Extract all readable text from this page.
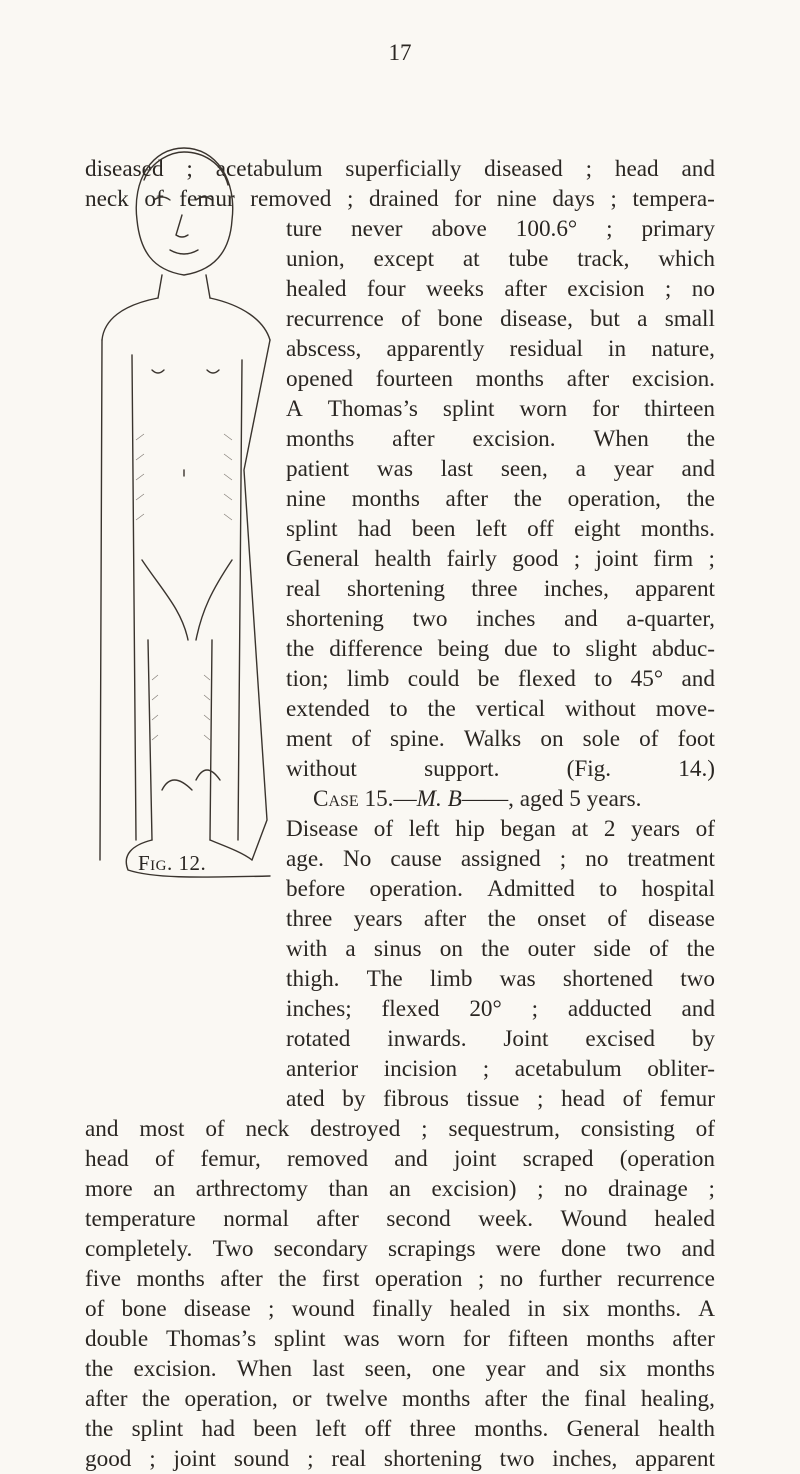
17

diseased ; acetabulum superficially diseased ; head and

neck of femur removed ; drained for nine days ; tempera-

ture never above 100.6° ; primary

union, except at tube track, which

healed four weeks after excision ; no

recurrence of bone disease, but a small

abscess, apparently residual in nature,

opened fourteen months after excision.

A Thomas’s splint worn for thirteen

months after excision. When the

patient was last seen, a year and

nine months after the operation, the

splint had been left off eight months.

General health fairly good ; joint firm ;

real shortening three inches, apparent

shortening two inches and a-quarter,

the difference being due to slight abduc-

tion; limb could be flexed to 45° and

extended to the vertical without move-

ment of spine. Walks on sole of foot

without	support.	(Fig.	14.)

Case 15.— M. B —— , aged 5 years.

Disease of left hip began at 2 years of

age. No cause assigned ; no treatment

before operation. Admitted to hospital

three years after the onset of disease

with a sinus on the outer side of the

thigh. The limb was shortened two

inches; flexed 20° ; adducted and

rotated inwards. Joint excised by

anterior incision ; acetabulum obliter-

ated by fibrous tissue ; head of femur

and most of neck destroyed ; sequestrum, consisting of

head of femur, removed and joint scraped (operation

more an arthrectomy than an excision) ; no drainage ;

temperature normal after second week. Wound healed

completely. Two secondary scrapings were done two and

five months after the first operation ; no further recurrence

of bone disease ; wound finally healed in six months. A

double Thomas’s splint was worn for fifteen months after

the excision. When last seen, one year and six months

after the operation, or twelve months after the final healing,

the splint had been left off three months. General health

good ; joint sound ; real shortening two inches, apparent

Fig. 12.
